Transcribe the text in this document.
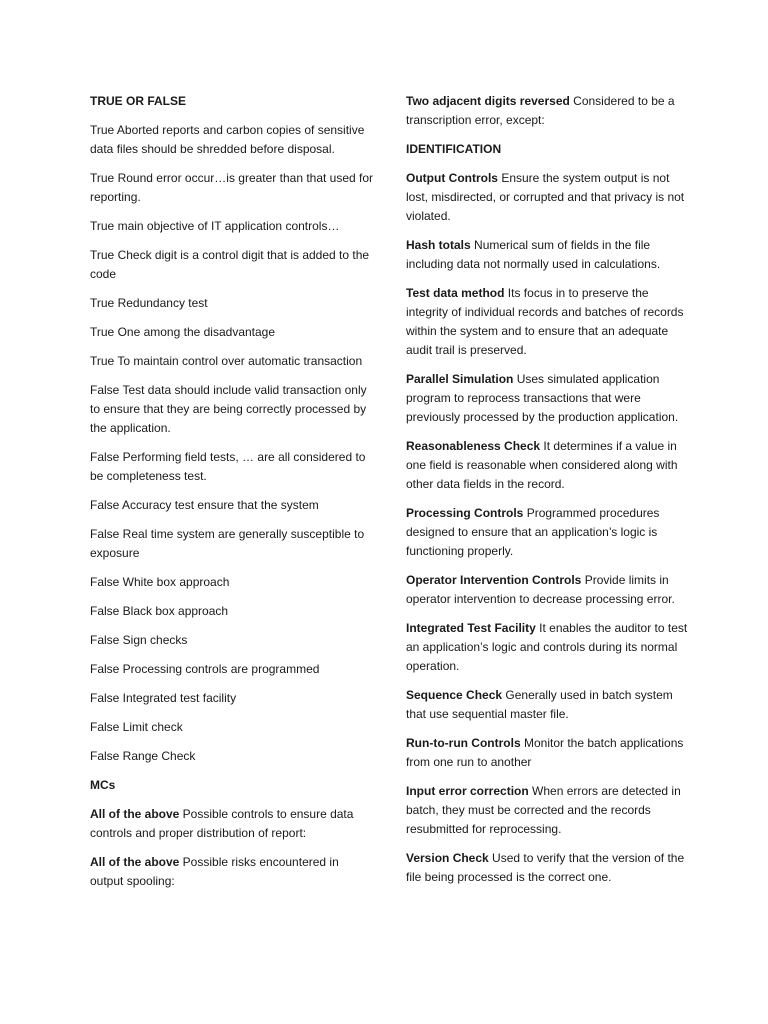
TRUE OR FALSE

True Aborted reports and carbon copies of sensitive data files should be shredded before disposal.

True Round error occur…is greater than that used for reporting.

True main objective of IT application controls…

True Check digit is a control digit that is added to the code

True Redundancy test

True One among the disadvantage

True To maintain control over automatic transaction

False Test data should include valid transaction only to ensure that they are being correctly processed by the application.

False Performing field tests, … are all considered to be completeness test.

False Accuracy test ensure that the system

False Real time system are generally susceptible to exposure

False White box approach

False Black box approach

False Sign checks

False Processing controls are programmed

False Integrated test facility

False Limit check

False Range Check

MCs

All of the above Possible controls to ensure data controls and proper distribution of report:

All of the above Possible risks encountered in output spooling:

Two adjacent digits reversed Considered to be a transcription error, except:

IDENTIFICATION

Output Controls Ensure the system output is not lost, misdirected, or corrupted and that privacy is not violated.

Hash totals Numerical sum of fields in the file including data not normally used in calculations.

Test data method Its focus in to preserve the integrity of individual records and batches of records within the system and to ensure that an adequate audit trail is preserved.

Parallel Simulation Uses simulated application program to reprocess transactions that were previously processed by the production application.

Reasonableness Check It determines if a value in one field is reasonable when considered along with other data fields in the record.

Processing Controls Programmed procedures designed to ensure that an application’s logic is functioning properly.

Operator Intervention Controls Provide limits in operator intervention to decrease processing error.

Integrated Test Facility It enables the auditor to test an application’s logic and controls during its normal operation.

Sequence Check Generally used in batch system that use sequential master file.

Run-to-run Controls Monitor the batch applications from one run to another

Input error correction When errors are detected in batch, they must be corrected and the records resubmitted for reprocessing.

Version Check Used to verify that the version of the file being processed is the correct one.
